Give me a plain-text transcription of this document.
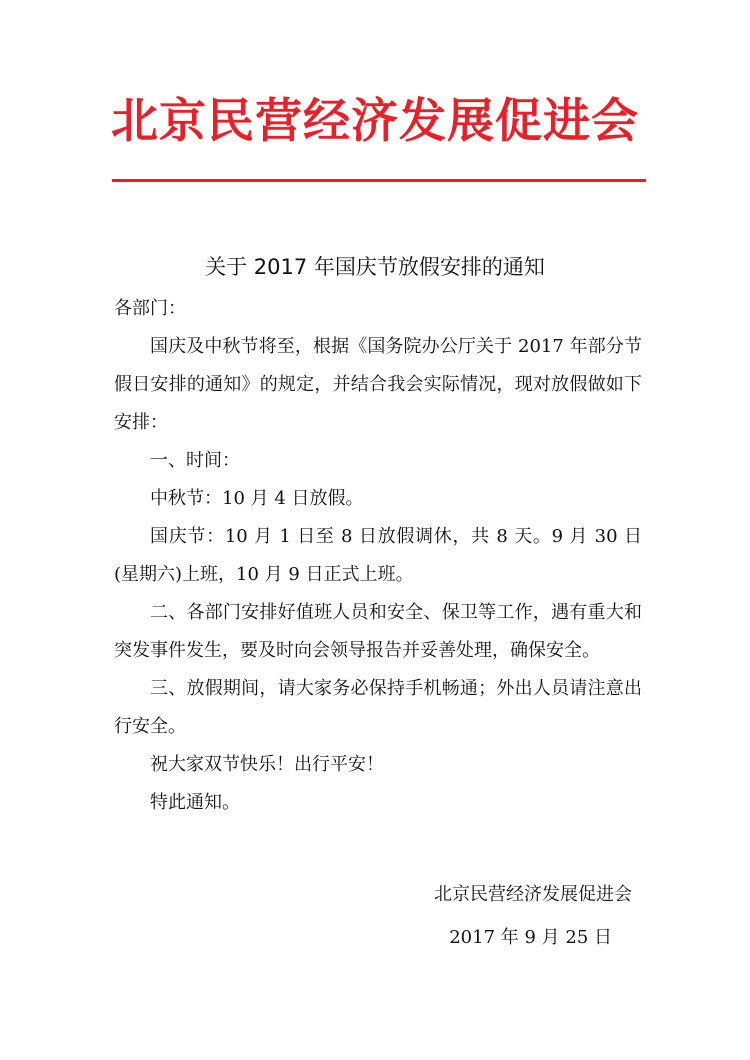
北京民营经济发展促进会
关于 2017 年国庆节放假安排的通知

各部门：

国庆及中秋节将至，根据《国务院办公厅关于 2017 年部分节假日安排的通知》的规定，并结合我会实际情况，现对放假做如下安排：

一、时间：

中秋节：10 月 4 日放假。

国庆节：10 月 1 日至 8 日放假调休，共 8 天。9 月 30 日(星期六)上班，10 月 9 日正式上班。

二、各部门安排好值班人员和安全、保卫等工作，遇有重大和突发事件发生，要及时向会领导报告并妥善处理，确保安全。

三、放假期间，请大家务必保持手机畅通；外出人员请注意出行安全。

祝大家双节快乐！出行平安！

特此通知。

北京民营经济发展促进会
2017 年 9 月 25 日
